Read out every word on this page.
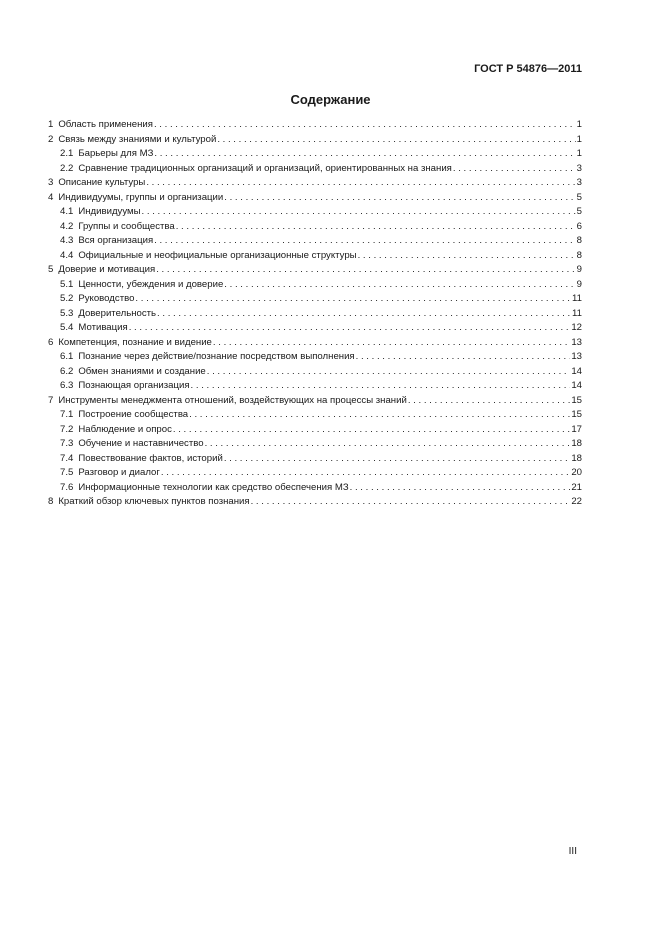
ГОСТ Р 54876—2011
Содержание
1 Область применения . . .	1
2 Связь между знаниями и культурой . . .	1
2.1 Барьеры для МЗ . . .	1
2.2 Сравнение традиционных организаций и организаций, ориентированных на знания . . .	3
3 Описание культуры . . .	3
4 Индивидуумы, группы и организации . . .	5
4.1 Индивидуумы . . .	5
4.2 Группы и сообщества . . .	6
4.3 Вся организация . . .	8
4.4 Официальные и неофициальные организационные структуры . . .	8
5 Доверие и мотивация . . .	9
5.1 Ценности, убеждения и доверие . . .	9
5.2 Руководство . . .	11
5.3 Доверительность . . .	11
5.4 Мотивация . . .	12
6 Компетенция, познание и видение . . .	13
6.1 Познание через действие/познание посредством выполнения . . .	13
6.2 Обмен знаниями и создание . . .	14
6.3 Познающая организация . . .	14
7 Инструменты менеджмента отношений, воздействующих на процессы знаний . . .	15
7.1 Построение сообщества . . .	15
7.2 Наблюдение и опрос . . .	17
7.3 Обучение и наставничество . . .	18
7.4 Повествование фактов, историй . . .	18
7.5 Разговор и диалог . . .	20
7.6 Информационные технологии как средство обеспечения МЗ . . .	21
8 Краткий обзор ключевых пунктов познания . . .	22
III
